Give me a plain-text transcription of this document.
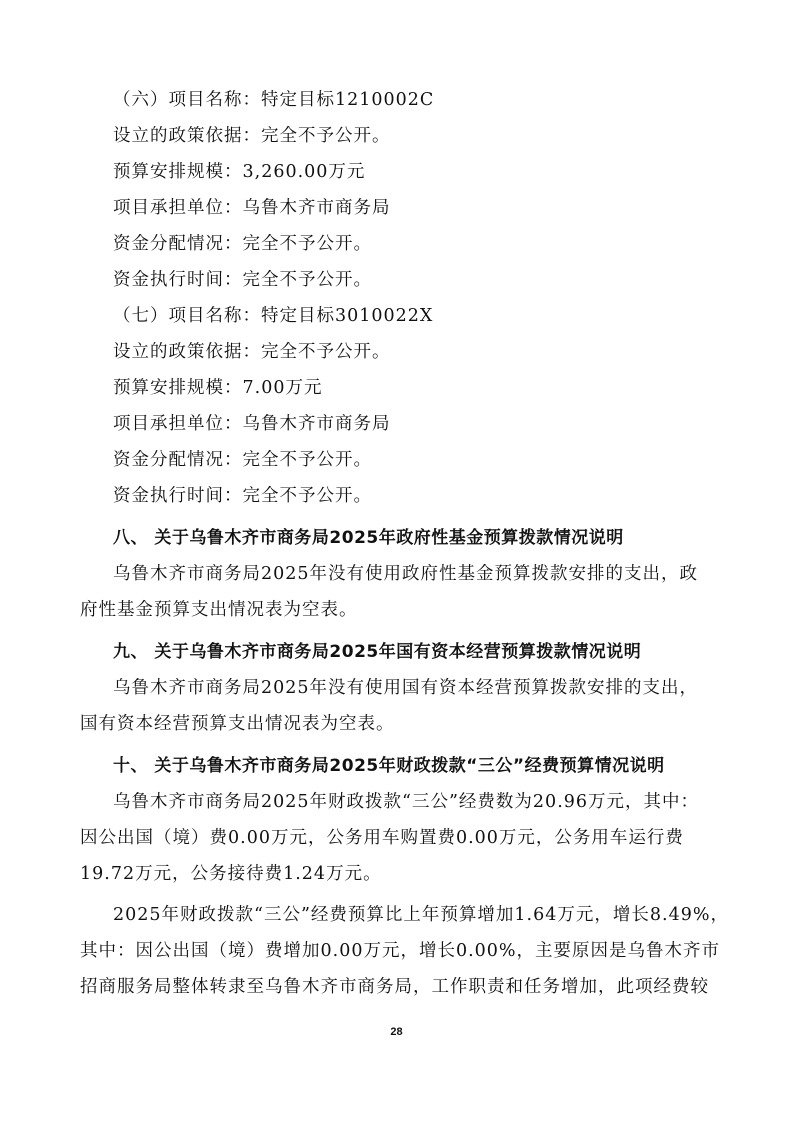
（六）项目名称：特定目标1210002C
设立的政策依据：完全不予公开。
预算安排规模：3,260.00万元
项目承担单位：乌鲁木齐市商务局
资金分配情况：完全不予公开。
资金执行时间：完全不予公开。
（七）项目名称：特定目标3010022X
设立的政策依据：完全不予公开。
预算安排规模：7.00万元
项目承担单位：乌鲁木齐市商务局
资金分配情况：完全不予公开。
资金执行时间：完全不予公开。
八、 关于乌鲁木齐市商务局2025年政府性基金预算拨款情况说明
乌鲁木齐市商务局2025年没有使用政府性基金预算拨款安排的支出，政
府性基金预算支出情况表为空表。
九、 关于乌鲁木齐市商务局2025年国有资本经营预算拨款情况说明
乌鲁木齐市商务局2025年没有使用国有资本经营预算拨款安排的支出，
国有资本经营预算支出情况表为空表。
十、 关于乌鲁木齐市商务局2025年财政拨款“三公”经费预算情况说明
乌鲁木齐市商务局2025年财政拨款“三公”经费数为20.96万元，其中：
因公出国（境）费0.00万元，公务用车购置费0.00万元，公务用车运行费
19.72万元，公务接待费1.24万元。
2025年财政拨款“三公”经费预算比上年预算增加1.64万元，增长8.49%，
其中：因公出国（境）费增加0.00万元，增长0.00%，主要原因是乌鲁木齐市
招商服务局整体转隶至乌鲁木齐市商务局，工作职责和任务增加，此项经费较
28
